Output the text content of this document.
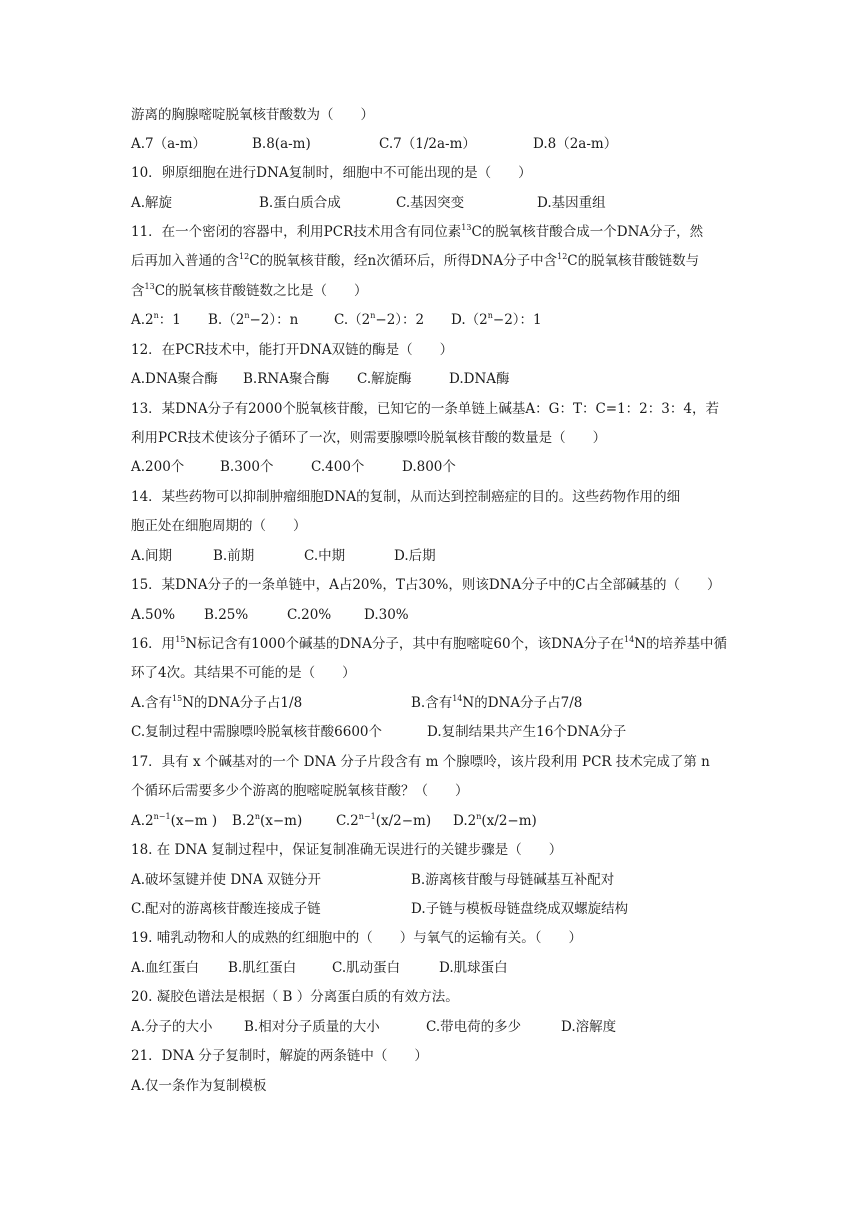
游离的胸腺嘧啶脱氧核苷酸数为（　　）
A.7（a-m）	B.8(a-m)	C.7（1/2a-m）	D.8（2a-m）
10．卵原细胞在进行DNA复制时，细胞中不可能出现的是（　　）
A.解旋	B.蛋白质合成	C.基因突变	D.基因重组
11．在一个密闭的容器中，利用PCR技术用含有同位素$^{13}$C的脱氧核苷酸合成一个DNA分子，然
后再加入普通的含$^{12}$C的脱氧核苷酸，经n次循环后，所得DNA分子中含$^{12}$C的脱氧核苷酸链数与
含$^{13}$C的脱氧核苷酸链数之比是（　　）
A.2$^n$：1 $B.(2^n-2)$：n	$C.(2^n-2)$：2 $D.(2^n-2)$：1
12．在PCR技术中，能打开DNA双链的酶是（　　）
A.DNA聚合酶 B.RNA聚合酶 C.解旋酶	D.DNA酶
13．某DNA分子有2000个脱氧核苷酸，已知它的一条单链上碱基A：G：T：C=1：2：3：4，若
利用PCR技术使该分子循环了一次，则需要腺嘌呤脱氧核苷酸的数量是（　　）
A.200个	B.300个	C.400个	D.800个
14．某些药物可以抑制肿瘤细胞DNA的复制，从而达到控制癌症的目的。这些药物作用的细
胞正处在细胞周期的（　　）
A.间期	B.前期	C.中期	D.后期
15．某DNA分子的一条单链中，A占20%，T占30%，则该DNA分子中的C占全部碱基的（　　）
A.50% B.25%	C.20% D.30%
16．用$^{15}$N标记含有1000个碱基的DNA分子，其中有胞嘧啶60个，该DNA分子在$^{14}$N的培养基中循
环了4次。其结果不可能的是（　　）
A.含有$^{15}$N的DNA分子占1/8	B.含有$^{14}$N的DNA分子占7/8
C.复制过程中需腺嘌呤脱氧核苷酸6600个	D.复制结果共产生16个DNA分子
17．具有 x 个碱基对的一个 DNA 分子片段含有 m 个腺嘌呤，该片段利用 PCR 技术完成了第 n
个循环后需要多少个游离的胞嘧啶脱氧核苷酸？（　　）
$A.2^{n-1}(x-m$ ) $B.2^n(x-m)$	$C.2^{n-1}(x/2-m)$ $D.2^n(x/2-m)$
18. 在 DNA 复制过程中，保证复制准确无误进行的关键步骤是（　　）
A.破坏氢键并使 DNA 双链分开	B.游离核苷酸与母链碱基互补配对
C.配对的游离核苷酸连接成子链	D.子链与模板母链盘绕成双螺旋结构
19. 哺乳动物和人的成熟的红细胞中的（　　）与氧气的运输有关。（　　）
A.血红蛋白 B.肌红蛋白	C.肌动蛋白	D.肌球蛋白
20. 凝胶色谱法是根据（ B ）分离蛋白质的有效方法。
A.分子的大小 B.相对分子质量的大小	C.带电荷的多少	D.溶解度
21．DNA 分子复制时，解旋的两条链中（　　）
A.仅一条作为复制模板
